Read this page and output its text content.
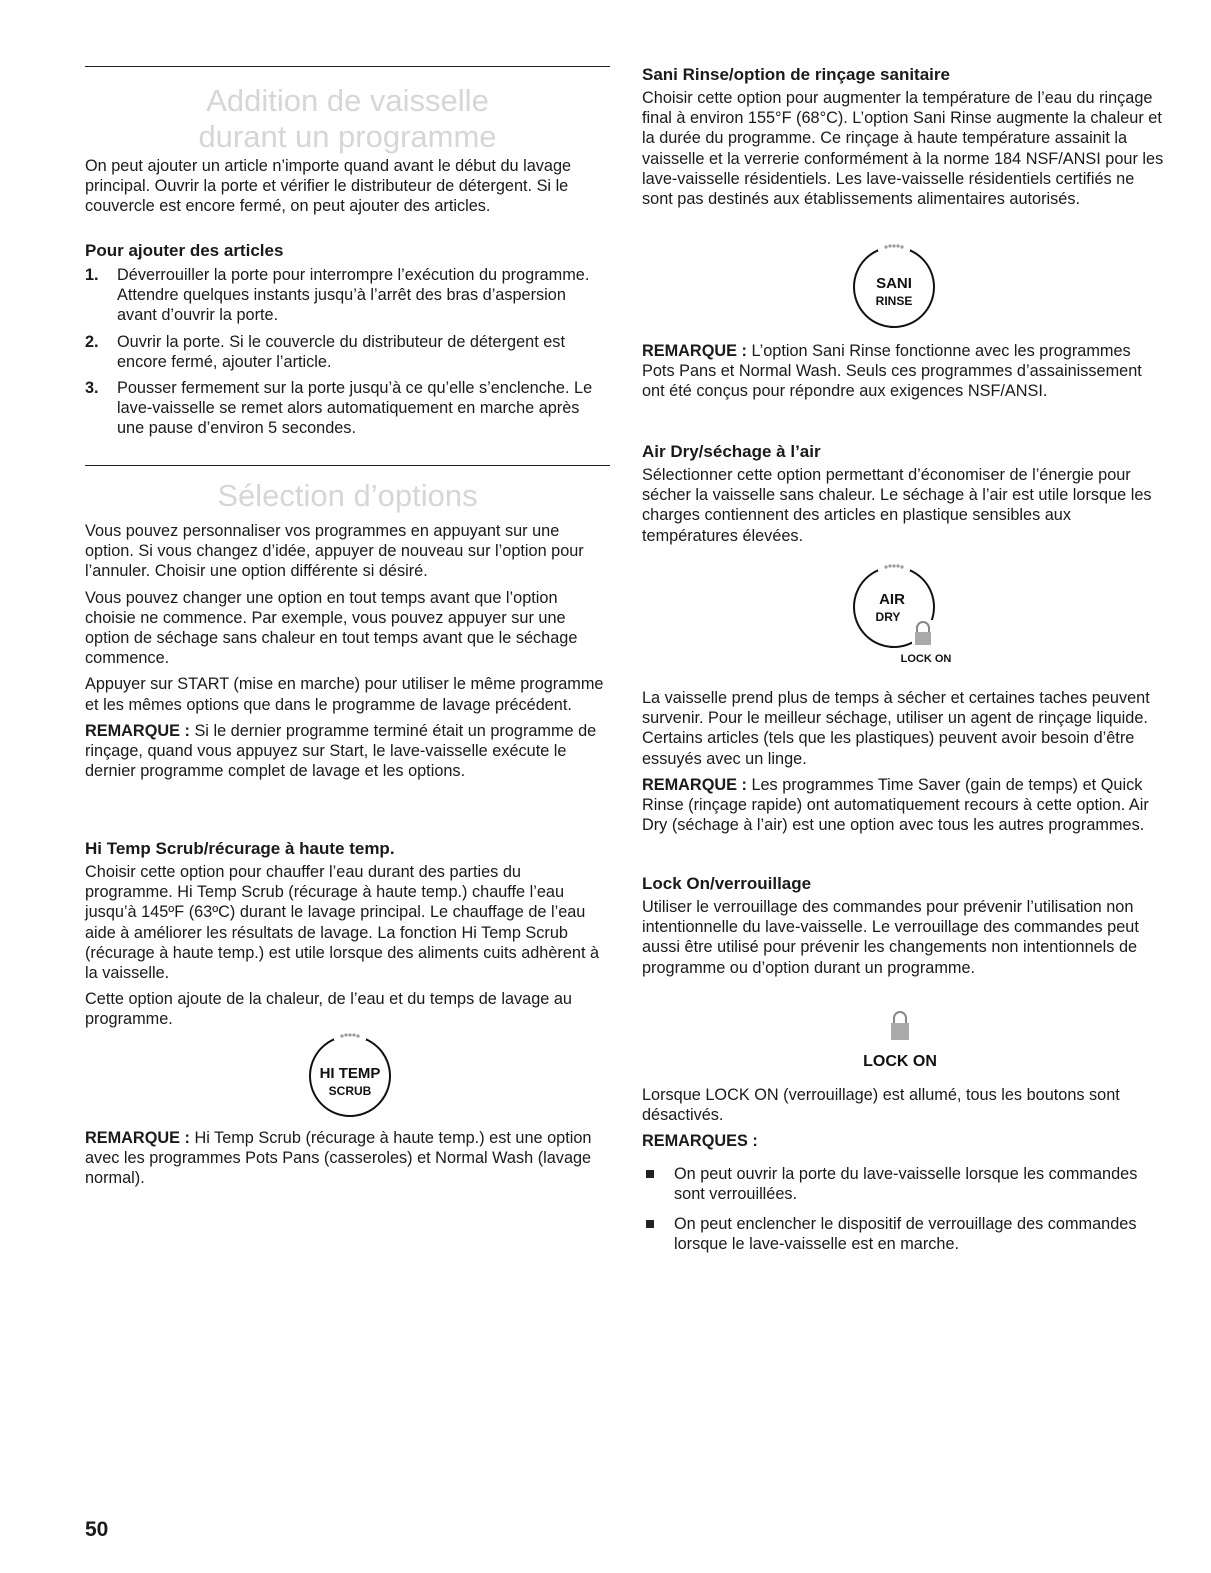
Addition de vaisselle
durant un programme

On peut ajouter un article n’importe quand avant le début du lavage principal. Ouvrir la porte et vérifier le distributeur de détergent. Si le couvercle est encore fermé, on peut ajouter des articles.

Pour ajouter des articles
1. Déverrouiller la porte pour interrompre l’exécution du programme. Attendre quelques instants jusqu’à l’arrêt des bras d’aspersion avant d’ouvrir la porte.
2. Ouvrir la porte. Si le couvercle du distributeur de détergent est encore fermé, ajouter l’article.
3. Pousser fermement sur la porte jusqu’à ce qu’elle s’enclenche. Le lave-vaisselle se remet alors automatiquement en marche après une pause d’environ 5 secondes.
Sélection d’options

Vous pouvez personnaliser vos programmes en appuyant sur une option. Si vous changez d’idée, appuyer de nouveau sur l’option pour l’annuler. Choisir une option différente si désiré.

Vous pouvez changer une option en tout temps avant que l’option choisie ne commence. Par exemple, vous pouvez appuyer sur une option de séchage sans chaleur en tout temps avant que le séchage commence.

Appuyer sur START (mise en marche) pour utiliser le même programme et les mêmes options que dans le programme de lavage précédent.

REMARQUE : Si le dernier programme terminé était un programme de rinçage, quand vous appuyez sur Start, le lave-vaisselle exécute le dernier programme complet de lavage et les options.

Hi Temp Scrub/récurage à haute temp.

Choisir cette option pour chauffer l’eau durant des parties du programme. Hi Temp Scrub (récurage à haute temp.) chauffe l’eau jusqu’à 145ºF (63ºC) durant le lavage principal. Le chauffage de l’eau aide à améliorer les résultats de lavage. La fonction Hi Temp Scrub (récurage à haute temp.) est utile lorsque des aliments cuits adhèrent à la vaisselle.

Cette option ajoute de la chaleur, de l’eau et du temps de lavage au programme.

HI TEMP
SCRUB

REMARQUE : Hi Temp Scrub (récurage à haute temp.) est une option avec les programmes Pots Pans (casseroles) et Normal Wash (lavage normal).

50
Sani Rinse/option de rinçage sanitaire

Choisir cette option pour augmenter la température de l’eau du rinçage final à environ 155°F (68°C). L’option Sani Rinse augmente la chaleur et la durée du programme. Ce rinçage à haute température assainit la vaisselle et la verrerie conformément à la norme 184 NSF/ANSI pour les lave-vaisselle résidentiels. Les lave-vaisselle résidentiels certifiés ne sont pas destinés aux établissements alimentaires autorisés.

SANI
RINSE

REMARQUE : L’option Sani Rinse fonctionne avec les programmes Pots Pans et Normal Wash. Seuls ces programmes d’assainissement ont été conçus pour répondre aux exigences NSF/ANSI.

Air Dry/séchage à l’air

Sélectionner cette option permettant d’économiser de l’énergie pour sécher la vaisselle sans chaleur. Le séchage à l’air est utile lorsque les charges contiennent des articles en plastique sensibles aux températures élevées.

AIR
DRY
LOCK ON

La vaisselle prend plus de temps à sécher et certaines taches peuvent survenir. Pour le meilleur séchage, utiliser un agent de rinçage liquide. Certains articles (tels que les plastiques) peuvent avoir besoin d’être essuyés avec un linge.

REMARQUE : Les programmes Time Saver (gain de temps) et Quick Rinse (rinçage rapide) ont automatiquement recours à cette option. Air Dry (séchage à l’air) est une option avec tous les autres programmes.

Lock On/verrouillage

Utiliser le verrouillage des commandes pour prévenir l’utilisation non intentionnelle du lave-vaisselle. Le verrouillage des commandes peut aussi être utilisé pour prévenir les changements non intentionnels de programme ou d’option durant un programme.

LOCK ON

Lorsque LOCK ON (verrouillage) est allumé, tous les boutons sont désactivés.

REMARQUES :

On peut ouvrir la porte du lave-vaisselle lorsque les commandes sont verrouillées.
On peut enclencher le dispositif de verrouillage des commandes lorsque le lave-vaisselle est en marche.
